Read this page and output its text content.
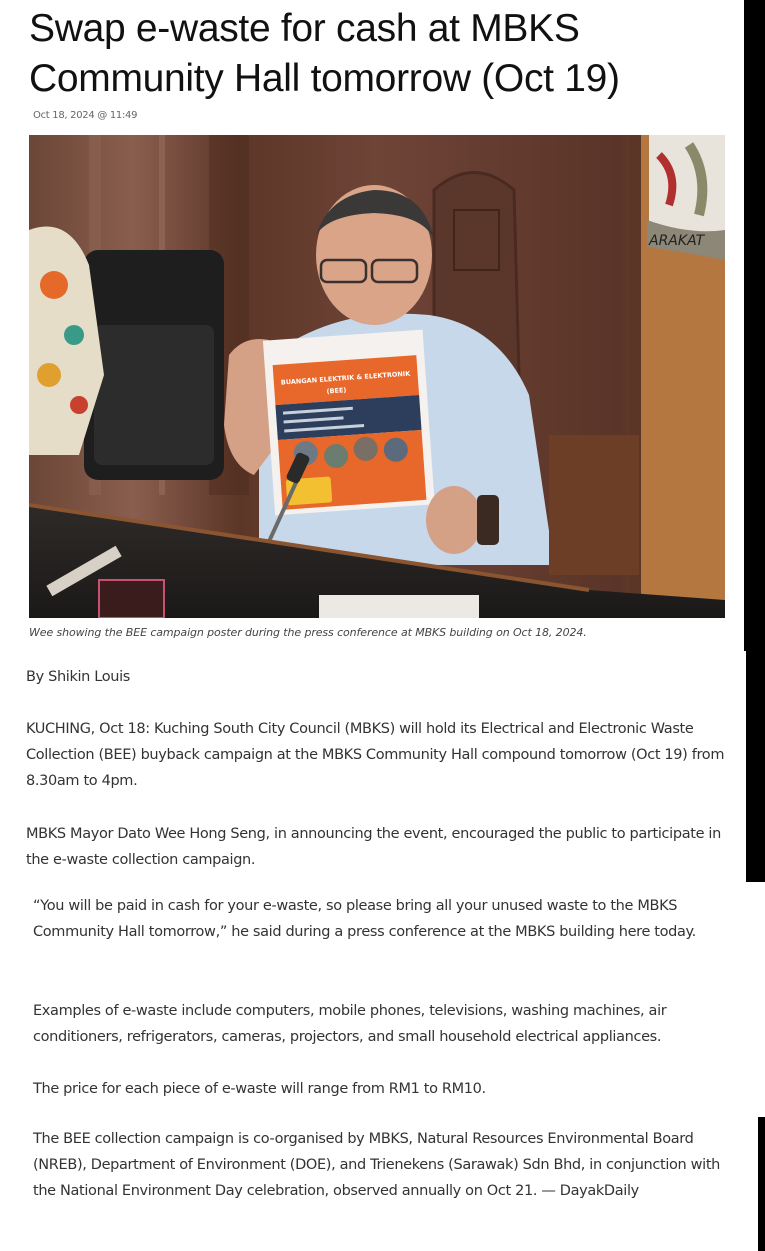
Swap e-waste for cash at MBKS Community Hall tomorrow (Oct 19)
Oct 18, 2024 @ 11:49
ARAKAT
BUANGAN ELEKTRIK & ELEKTRONIK
(BEE)
Wee showing the BEE campaign poster during the press conference at MBKS building on Oct 18, 2024.

By Shikin Louis

KUCHING, Oct 18: Kuching South City Council (MBKS) will hold its Electrical and Electronic Waste Collection (BEE) buyback campaign at the MBKS Community Hall compound tomorrow (Oct 19) from 8.30am to 4pm.

MBKS Mayor Dato Wee Hong Seng, in announcing the event, encouraged the public to participate in the e-waste collection campaign.

“You will be paid in cash for your e-waste, so please bring all your unused waste to the MBKS Community Hall tomorrow,” he said during a press conference at the MBKS building here today.

Examples of e-waste include computers, mobile phones, televisions, washing machines, air conditioners, refrigerators, cameras, projectors, and small household electrical appliances.

The price for each piece of e-waste will range from RM1 to RM10.

The BEE collection campaign is co-organised by MBKS, Natural Resources Environmental Board (NREB), Department of Environment (DOE), and Trienekens (Sarawak) Sdn Bhd, in conjunction with the National Environment Day celebration, observed annually on Oct 21. — DayakDaily
